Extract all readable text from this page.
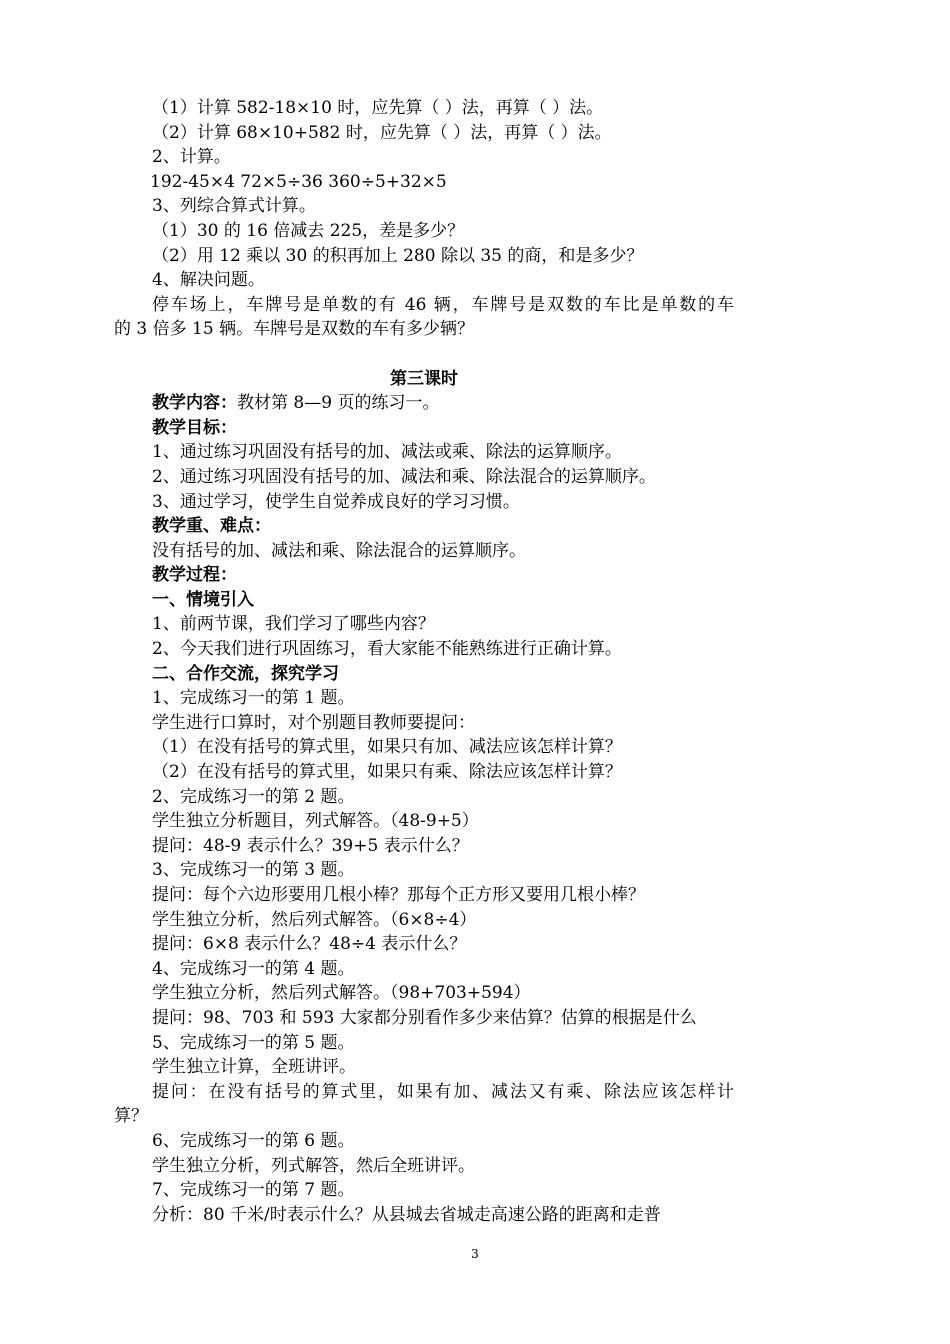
（1）计算 582-18×10 时，应先算（ ）法，再算（ ）法。
（2）计算 68×10+582 时，应先算（ ）法，再算（ ）法。
2、计算。
192-45×4 72×5÷36 360÷5+32×5
3、列综合算式计算。
（1）30 的 16 倍减去 225，差是多少？
（2）用 12 乘以 30 的积再加上 280 除以 35 的商，和是多少？
4、解决问题。
停车场上，车牌号是单数的有 46 辆，车牌号是双数的车比是单数的车
的 3 倍多 15 辆。车牌号是双数的车有多少辆？
第三课时
教学内容：教材第 8—9 页的练习一。
教学目标：
1、通过练习巩固没有括号的加、减法或乘、除法的运算顺序。
2、通过练习巩固没有括号的加、减法和乘、除法混合的运算顺序。
3、通过学习，使学生自觉养成良好的学习习惯。
教学重、难点：
没有括号的加、减法和乘、除法混合的运算顺序。
教学过程：
一、情境引入
1、前两节课，我们学习了哪些内容？
2、今天我们进行巩固练习，看大家能不能熟练进行正确计算。
二、合作交流，探究学习
1、完成练习一的第 1 题。
学生进行口算时，对个别题目教师要提问：
（1）在没有括号的算式里，如果只有加、减法应该怎样计算？
（2）在没有括号的算式里，如果只有乘、除法应该怎样计算？
2、完成练习一的第 2 题。
学生独立分析题目，列式解答。（48-9+5）
提问：48-9 表示什么？39+5 表示什么？
3、完成练习一的第 3 题。
提问：每个六边形要用几根小棒？那每个正方形又要用几根小棒？
学生独立分析，然后列式解答。（6×8÷4）
提问：6×8 表示什么？48÷4 表示什么？
4、完成练习一的第 4 题。
学生独立分析，然后列式解答。（98+703+594）
提问：98、703 和 593 大家都分别看作多少来估算？估算的根据是什么
5、完成练习一的第 5 题。
学生独立计算，全班讲评。
提问：在没有括号的算式里，如果有加、减法又有乘、除法应该怎样计
算？
6、完成练习一的第 6 题。
学生独立分析，列式解答，然后全班讲评。
7、完成练习一的第 7 题。
分析：80 千米/时表示什么？从县城去省城走高速公路的距离和走普
3
